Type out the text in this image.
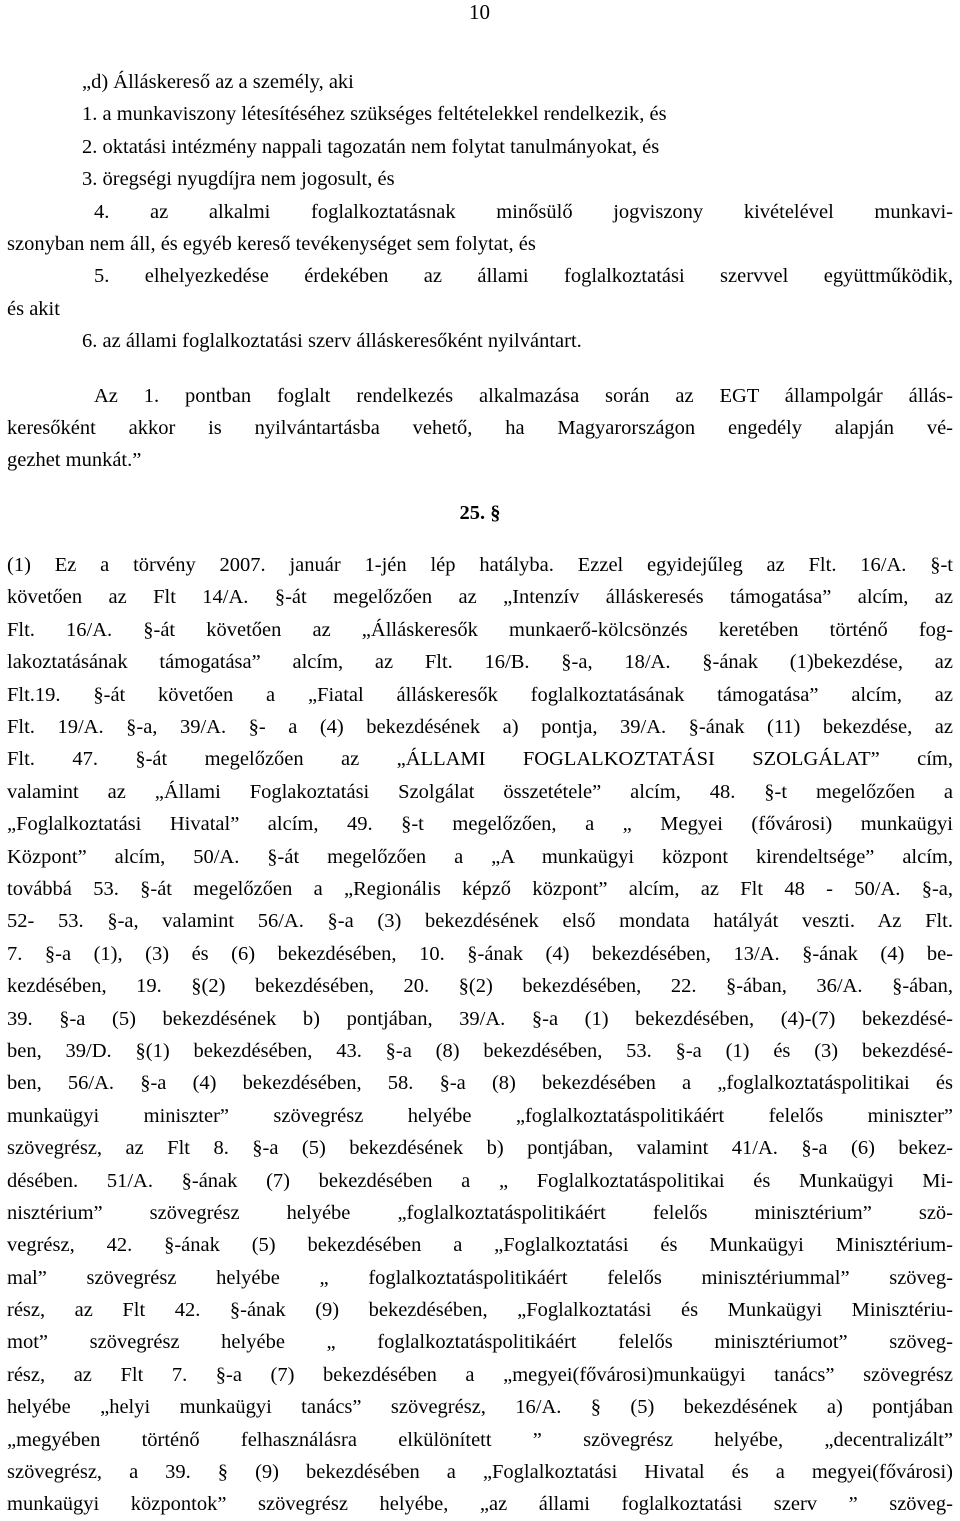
10
„d) Álláskereső az a személy, aki
1. a munkaviszony létesítéséhez szükséges feltételekkel rendelkezik, és
2. oktatási intézmény nappali tagozatán nem folytat tanulmányokat, és
3. öregségi nyugdíjra nem jogosult, és
4. az alkalmi foglalkoztatásnak minősülő jogviszony kivételével munkavi-
szonyban nem áll, és egyéb kereső tevékenységet sem folytat, és
5. elhelyezkedése érdekében az állami foglalkoztatási szervvel együttműködik,
és akit
6. az állami foglalkoztatási szerv álláskeresőként nyilvántart.
Az 1. pontban foglalt rendelkezés alkalmazása során az EGT állampolgár állás-
keresőként akkor is nyilvántartásba vehető, ha Magyarországon engedély alapján vé-
gezhet munkát.”
25. §
(1) Ez a törvény 2007. január 1-jén lép hatályba. Ezzel egyidejűleg az Flt. 16/A. §-t
követően az Flt 14/A. §-át megelőzően az „Intenzív álláskeresés támogatása” alcím, az
Flt. 16/A. §-át követően az „Álláskeresők munkaerő-kölcsönzés keretében történő fog-
lakoztatásának támogatása” alcím, az Flt. 16/B. §-a, 18/A. §-ának (1)bekezdése, az
Flt.19. §-át követően a „Fiatal álláskeresők foglalkoztatásának támogatása” alcím, az
Flt. 19/A. §-a, 39/A. §- a (4) bekezdésének a) pontja, 39/A. §-ának (11) bekezdése, az
Flt. 47. §-át megelőzően az „ÁLLAMI FOGLALKOZTATÁSI SZOLGÁLAT” cím,
valamint az „Állami Foglakoztatási Szolgálat összetétele” alcím, 48. §-t megelőzően a
„Foglalkoztatási Hivatal” alcím, 49. §-t megelőzően, a „ Megyei (fővárosi) munkaügyi
Központ” alcím, 50/A. §-át megelőzően a „A munkaügyi központ kirendeltsége” alcím,
továbbá 53. §-át megelőzően a „Regionális képző központ” alcím, az Flt 48 - 50/A. §-a,
52- 53. §-a, valamint 56/A. §-a (3) bekezdésének első mondata hatályát veszti. Az Flt.
7. §-a (1), (3) és (6) bekezdésében, 10. §-ának (4) bekezdésében, 13/A. §-ának (4) be-
kezdésében, 19. §(2) bekezdésében, 20. §(2) bekezdésében, 22. §-ában, 36/A. §-ában,
39. §-a (5) bekezdésének b) pontjában, 39/A. §-a (1) bekezdésében, (4)-(7) bekezdésé-
ben, 39/D. §(1) bekezdésében, 43. §-a (8) bekezdésében, 53. §-a (1) és (3) bekezdésé-
ben, 56/A. §-a (4) bekezdésében, 58. §-a (8) bekezdésében a „foglalkoztatáspolitikai és
munkaügyi miniszter” szövegrész helyébe „foglalkoztatáspolitikáért felelős miniszter”
szövegrész, az Flt 8. §-a (5) bekezdésének b) pontjában, valamint 41/A. §-a (6) bekez-
désében. 51/A. §-ának (7) bekezdésében a „ Foglalkoztatáspolitikai és Munkaügyi Mi-
nisztérium” szövegrész helyébe „foglalkoztatáspolitikáért felelős minisztérium” szö-
vegrész, 42. §-ának (5) bekezdésében a „Foglalkoztatási és Munkaügyi Minisztérium-
mal” szövegrész helyébe „ foglalkoztatáspolitikáért felelős minisztériummal” szöveg-
rész, az Flt 42. §-ának (9) bekezdésében, „Foglalkoztatási és Munkaügyi Minisztériu-
mot” szövegrész helyébe „ foglalkoztatáspolitikáért felelős minisztériumot” szöveg-
rész, az Flt 7. §-a (7) bekezdésében a „megyei(fővárosi)munkaügyi tanács” szövegrész
helyébe „helyi munkaügyi tanács” szövegrész, 16/A. § (5) bekezdésének a) pontjában
„megyében történő felhasználásra elkülönített ” szövegrész helyébe, „decentralizált”
szövegrész, a 39. § (9) bekezdésében a „Foglalkoztatási Hivatal és a megyei(fővárosi)
munkaügyi központok” szövegrész helyébe, „az állami foglalkoztatási szerv ” szöveg-
